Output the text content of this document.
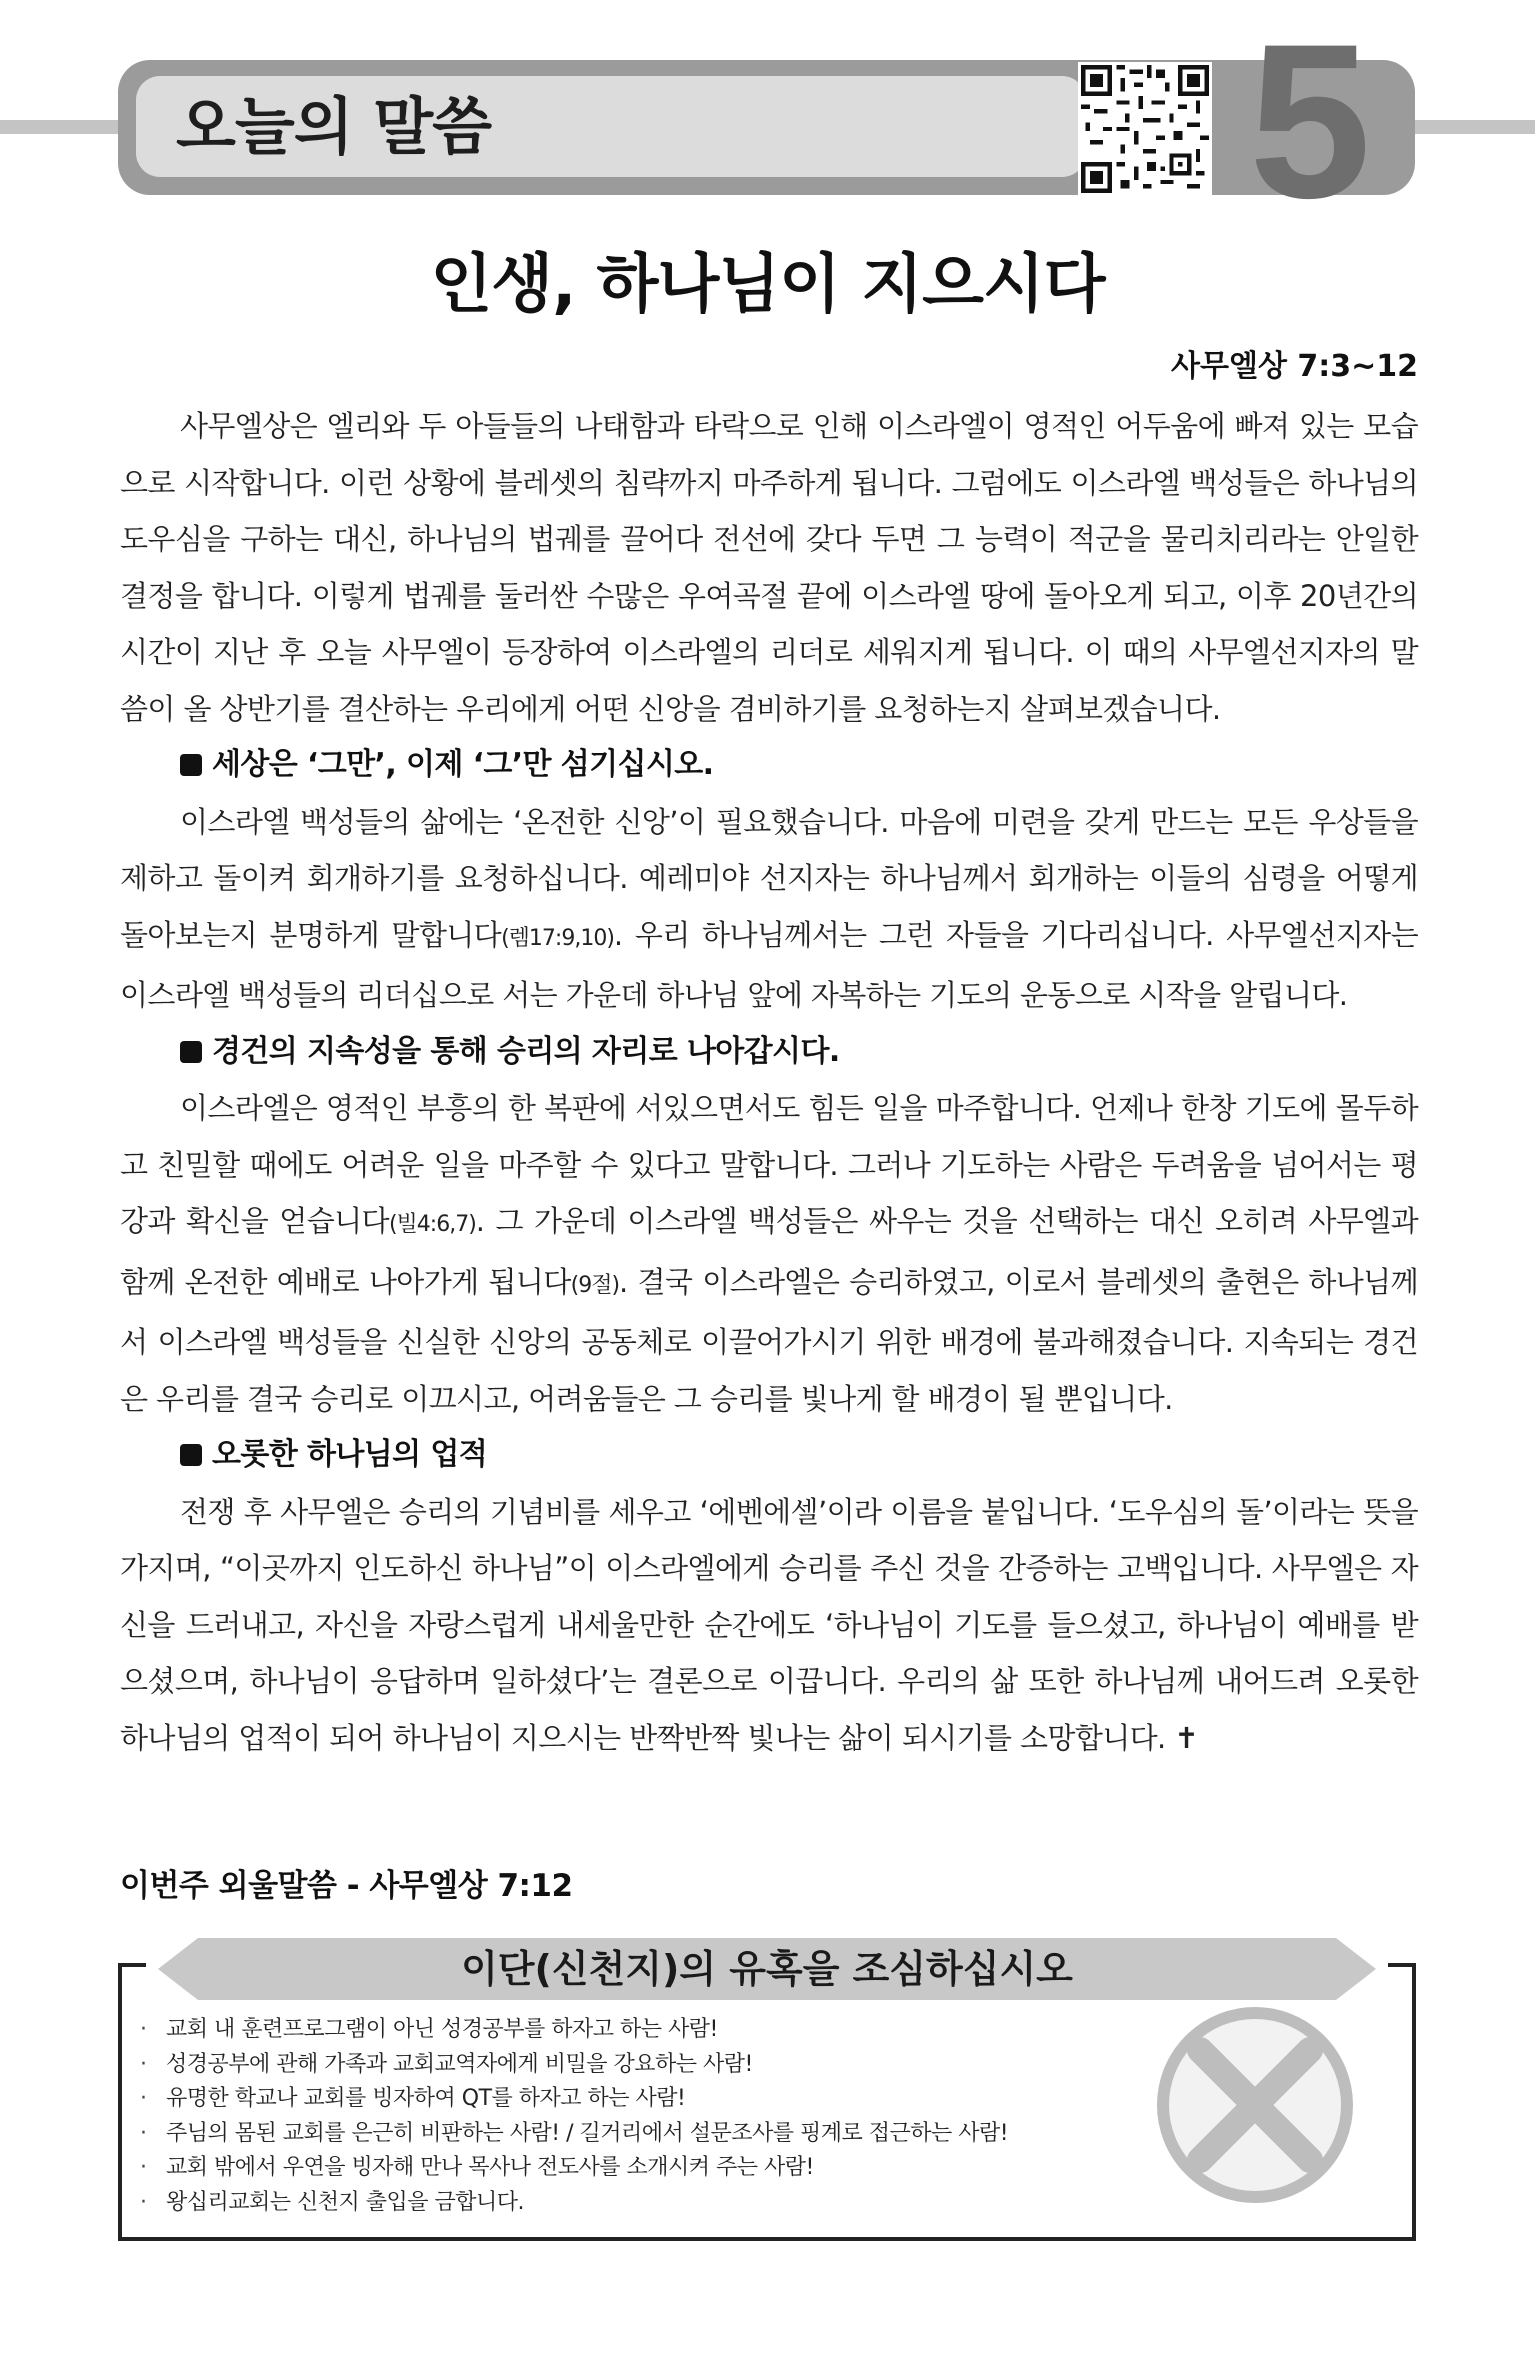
오늘의 말씀	5
인생, 하나님이 지으시다
사무엘상 7:3~12

사무엘상은 엘리와 두 아들들의 나태함과 타락으로 인해 이스라엘이 영적인 어두움에 빠져 있는 모습으로 시작합니다. 이런 상황에 블레셋의 침략까지 마주하게 됩니다. 그럼에도 이스라엘 백성들은 하나님의 도우심을 구하는 대신, 하나님의 법궤를 끌어다 전선에 갖다 두면 그 능력이 적군을 물리치리라는 안일한 결정을 합니다. 이렇게 법궤를 둘러싼 수많은 우여곡절 끝에 이스라엘 땅에 돌아오게 되고, 이후 20년간의 시간이 지난 후 오늘 사무엘이 등장하여 이스라엘의 리더로 세워지게 됩니다. 이 때의 사무엘선지자의 말씀이 올 상반기를 결산하는 우리에게 어떤 신앙을 겸비하기를 요청하는지 살펴보겠습니다.

세상은 ‘그만’, 이제 ‘그’만 섬기십시오.

이스라엘 백성들의 삶에는 ‘온전한 신앙’이 필요했습니다. 마음에 미련을 갖게 만드는 모든 우상들을 제하고 돌이켜 회개하기를 요청하십니다. 예레미야 선지자는 하나님께서 회개하는 이들의 심령을 어떻게 돌아보는지 분명하게 말합니다(렘17:9,10). 우리 하나님께서는 그런 자들을 기다리십니다. 사무엘선지자는 이스라엘 백성들의 리더십으로 서는 가운데 하나님 앞에 자복하는 기도의 운동으로 시작을 알립니다.

경건의 지속성을 통해 승리의 자리로 나아갑시다.

이스라엘은 영적인 부흥의 한 복판에 서있으면서도 힘든 일을 마주합니다. 언제나 한창 기도에 몰두하고 친밀할 때에도 어려운 일을 마주할 수 있다고 말합니다. 그러나 기도하는 사람은 두려움을 넘어서는 평강과 확신을 얻습니다(빌4:6,7). 그 가운데 이스라엘 백성들은 싸우는 것을 선택하는 대신 오히려 사무엘과 함께 온전한 예배로 나아가게 됩니다(9절). 결국 이스라엘은 승리하였고, 이로서 블레셋의 출현은 하나님께서 이스라엘 백성들을 신실한 신앙의 공동체로 이끌어가시기 위한 배경에 불과해졌습니다. 지속되는 경건은 우리를 결국 승리로 이끄시고, 어려움들은 그 승리를 빛나게 할 배경이 될 뿐입니다.

오롯한 하나님의 업적

전쟁 후 사무엘은 승리의 기념비를 세우고 ‘에벤에셀’이라 이름을 붙입니다. ‘도우심의 돌’이라는 뜻을 가지며, “이곳까지 인도하신 하나님”이 이스라엘에게 승리를 주신 것을 간증하는 고백입니다. 사무엘은 자신을 드러내고, 자신을 자랑스럽게 내세울만한 순간에도 ‘하나님이 기도를 들으셨고, 하나님이 예배를 받으셨으며, 하나님이 응답하며 일하셨다’는 결론으로 이끕니다. 우리의 삶 또한 하나님께 내어드려 오롯한 하나님의 업적이 되어 하나님이 지으시는 반짝반짝 빛나는 삶이 되시기를 소망합니다. ✝

이번주 외울말씀 - 사무엘상 7:12
이단(신천지)의 유혹을 조심하십시오
· 교회 내 훈련프로그램이 아닌 성경공부를 하자고 하는 사람!
· 성경공부에 관해 가족과 교회교역자에게 비밀을 강요하는 사람!
· 유명한 학교나 교회를 빙자하여 QT를 하자고 하는 사람!
· 주님의 몸된 교회를 은근히 비판하는 사람! / 길거리에서 설문조사를 핑계로 접근하는 사람!
· 교회 밖에서 우연을 빙자해 만나 목사나 전도사를 소개시켜 주는 사람!
· 왕십리교회는 신천지 출입을 금합니다.
